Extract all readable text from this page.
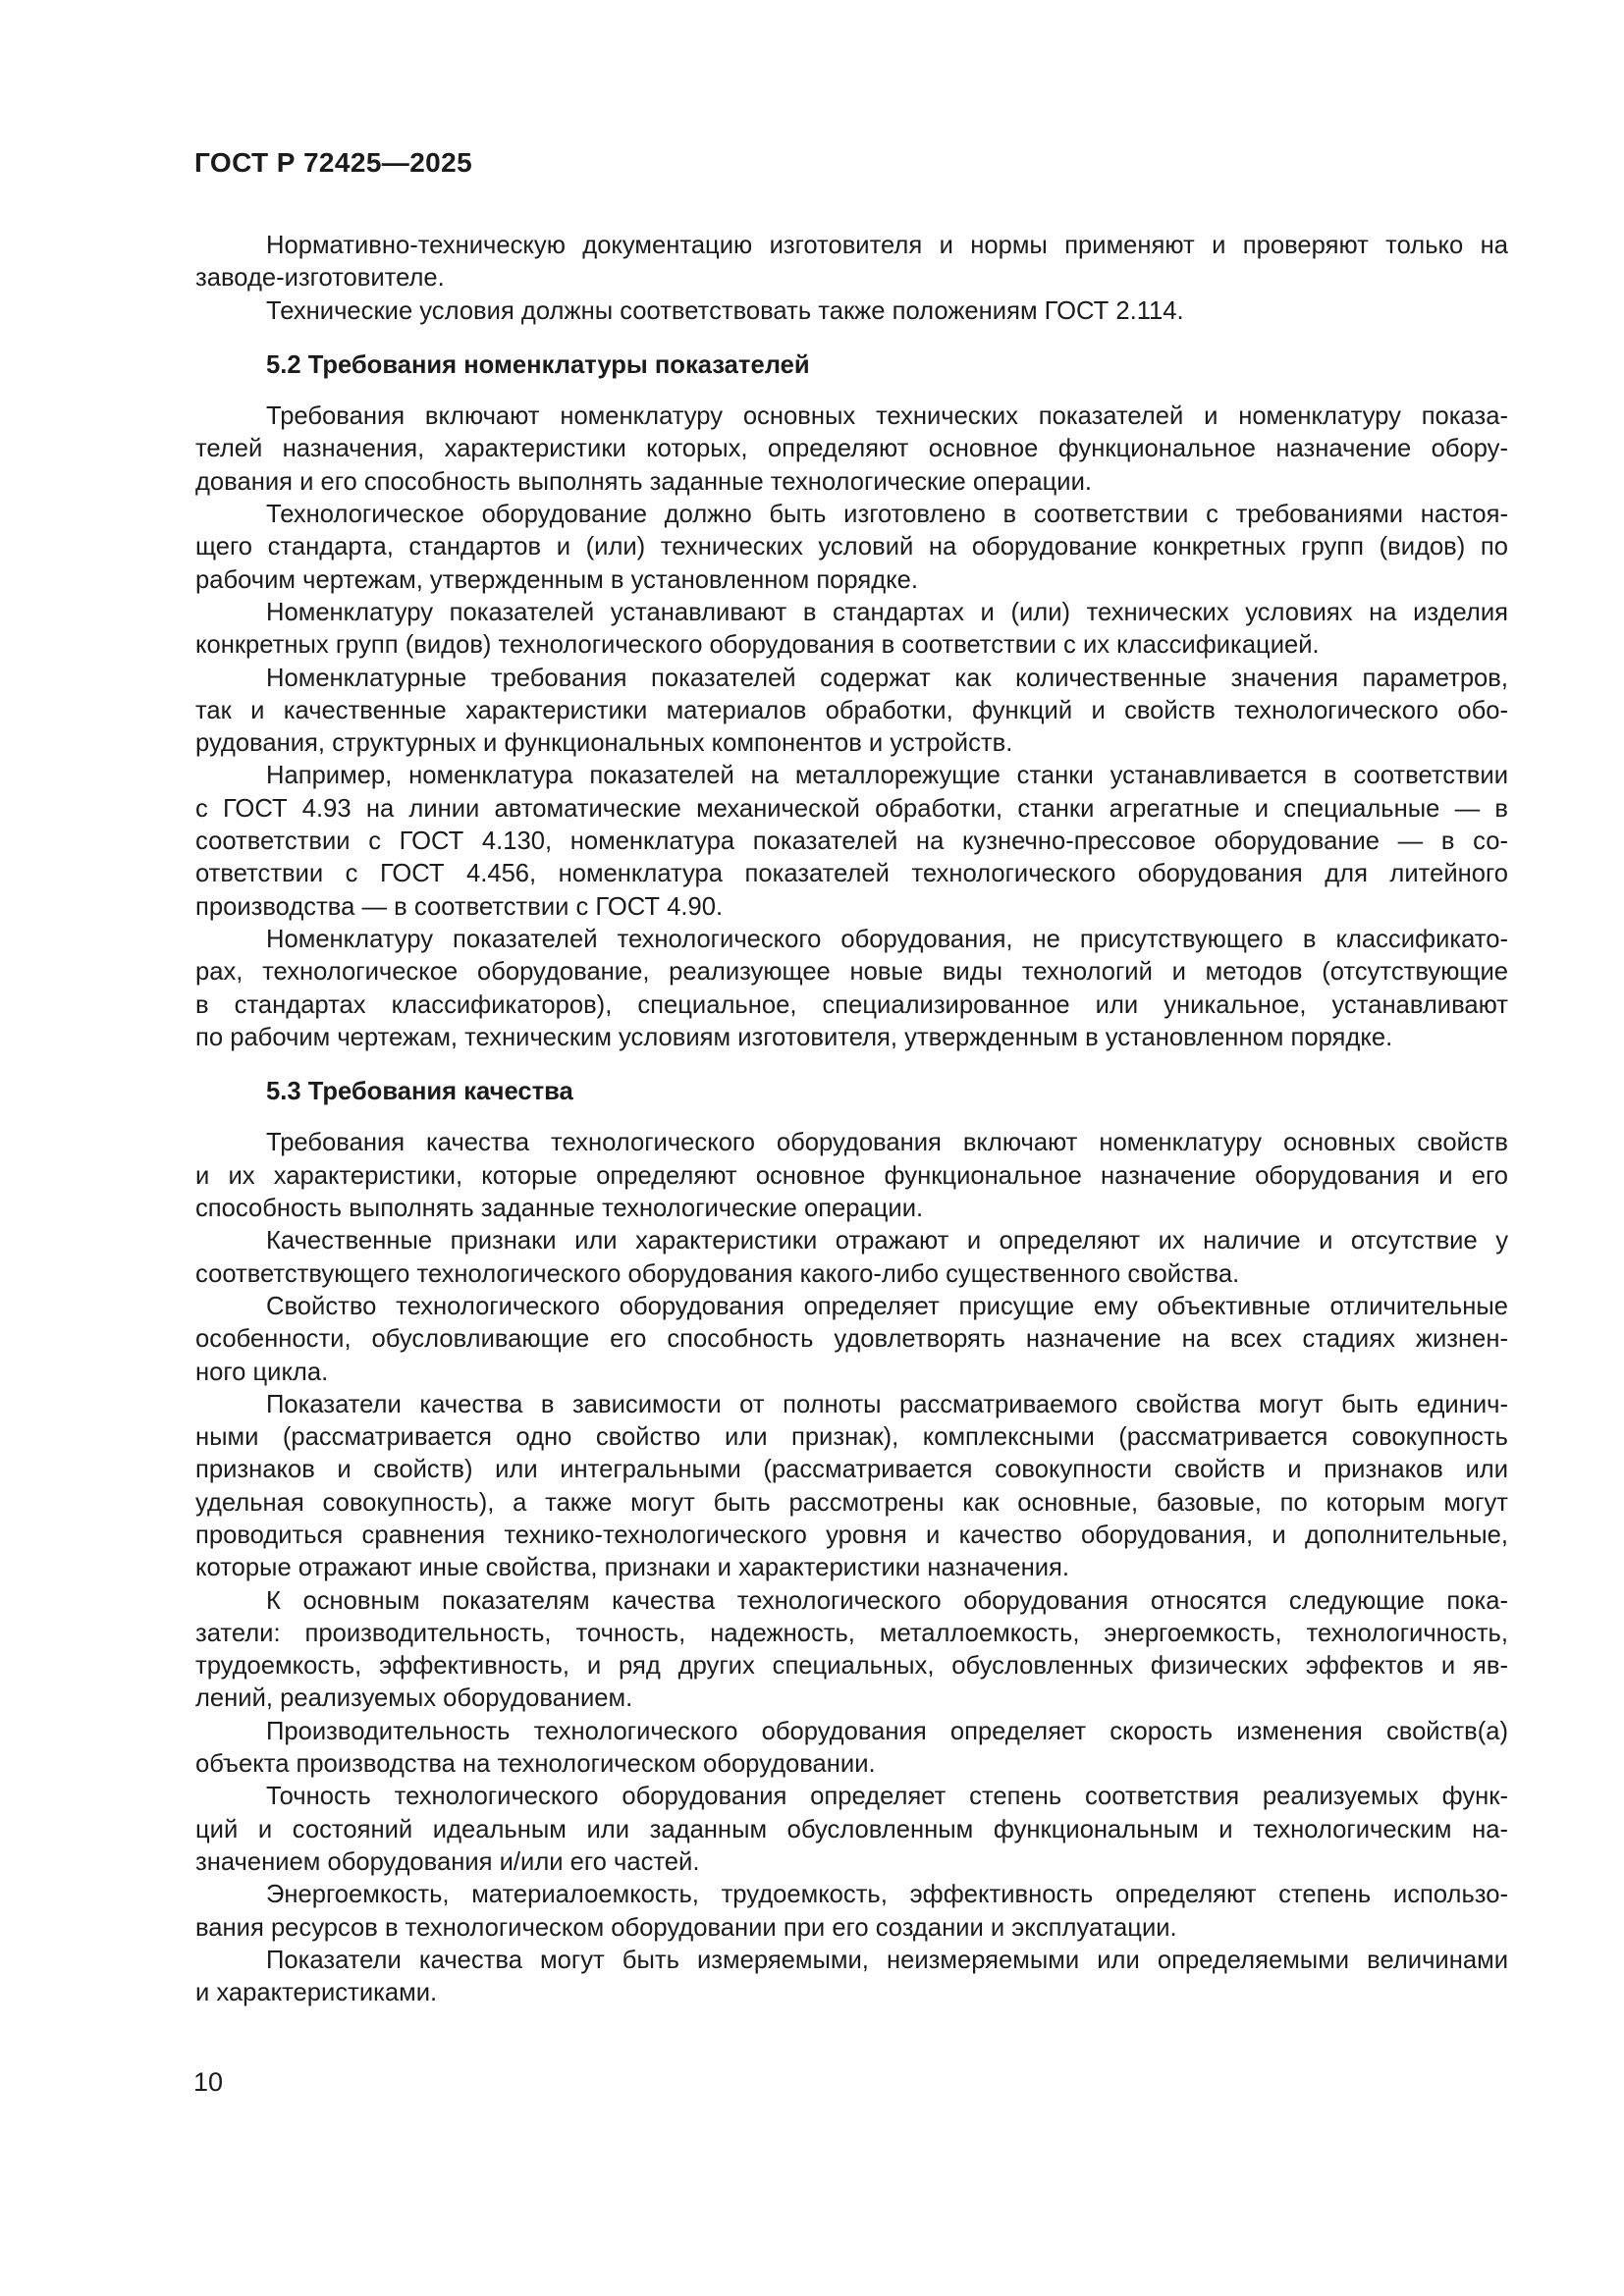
ГОСТ Р 72425—2025
Нормативно-техническую документацию изготовителя и нормы применяют и проверяют только на
заводе-изготовителе.
Технические условия должны соответствовать также положениям ГОСТ 2.114.
5.2 Требования номенклатуры показателей
Требования включают номенклатуру основных технических показателей и номенклатуру показа-
телей назначения, характеристики которых, определяют основное функциональное назначение обору-
дования и его способность выполнять заданные технологические операции.
Технологическое оборудование должно быть изготовлено в соответствии с требованиями настоя-
щего стандарта, стандартов и (или) технических условий на оборудование конкретных групп (видов) по
рабочим чертежам, утвержденным в установленном порядке.
Номенклатуру показателей устанавливают в стандартах и (или) технических условиях на изделия
конкретных групп (видов) технологического оборудования в соответствии с их классификацией.
Номенклатурные требования показателей содержат как количественные значения параметров,
так и качественные характеристики материалов обработки, функций и свойств технологического обо-
рудования, структурных и функциональных компонентов и устройств.
Например, номенклатура показателей на металлорежущие станки устанавливается в соответствии
с ГОСТ 4.93 на линии автоматические механической обработки, станки агрегатные и специальные — в
соответствии с ГОСТ 4.130, номенклатура показателей на кузнечно-прессовое оборудование — в со-
ответствии с ГОСТ 4.456, номенклатура показателей технологического оборудования для литейного
производства — в соответствии с ГОСТ 4.90.
Номенклатуру показателей технологического оборудования, не присутствующего в классификато-
рах, технологическое оборудование, реализующее новые виды технологий и методов (отсутствующие
в стандартах классификаторов), специальное, специализированное или уникальное, устанавливают
по рабочим чертежам, техническим условиям изготовителя, утвержденным в установленном порядке.
5.3 Требования качества
Требования качества технологического оборудования включают номенклатуру основных свойств
и их характеристики, которые определяют основное функциональное назначение оборудования и его
способность выполнять заданные технологические операции.
Качественные признаки или характеристики отражают и определяют их наличие и отсутствие у
соответствующего технологического оборудования какого-либо существенного свойства.
Свойство технологического оборудования определяет присущие ему объективные отличительные
особенности, обусловливающие его способность удовлетворять назначение на всех стадиях жизнен-
ного цикла.
Показатели качества в зависимости от полноты рассматриваемого свойства могут быть единич-
ными (рассматривается одно свойство или признак), комплексными (рассматривается совокупность
признаков и свойств) или интегральными (рассматривается совокупности свойств и признаков или
удельная совокупность), а также могут быть рассмотрены как основные, базовые, по которым могут
проводиться сравнения технико-технологического уровня и качество оборудования, и дополнительные,
которые отражают иные свойства, признаки и характеристики назначения.
К основным показателям качества технологического оборудования относятся следующие пока-
затели: производительность, точность, надежность, металлоемкость, энергоемкость, технологичность,
трудоемкость, эффективность, и ряд других специальных, обусловленных физических эффектов и яв-
лений, реализуемых оборудованием.
Производительность технологического оборудования определяет скорость изменения свойств(а)
объекта производства на технологическом оборудовании.
Точность технологического оборудования определяет степень соответствия реализуемых функ-
ций и состояний идеальным или заданным обусловленным функциональным и технологическим на-
значением оборудования и/или его частей.
Энергоемкость, материалоемкость, трудоемкость, эффективность определяют степень использо-
вания ресурсов в технологическом оборудовании при его создании и эксплуатации.
Показатели качества могут быть измеряемыми, неизмеряемыми или определяемыми величинами
и характеристиками.
10
